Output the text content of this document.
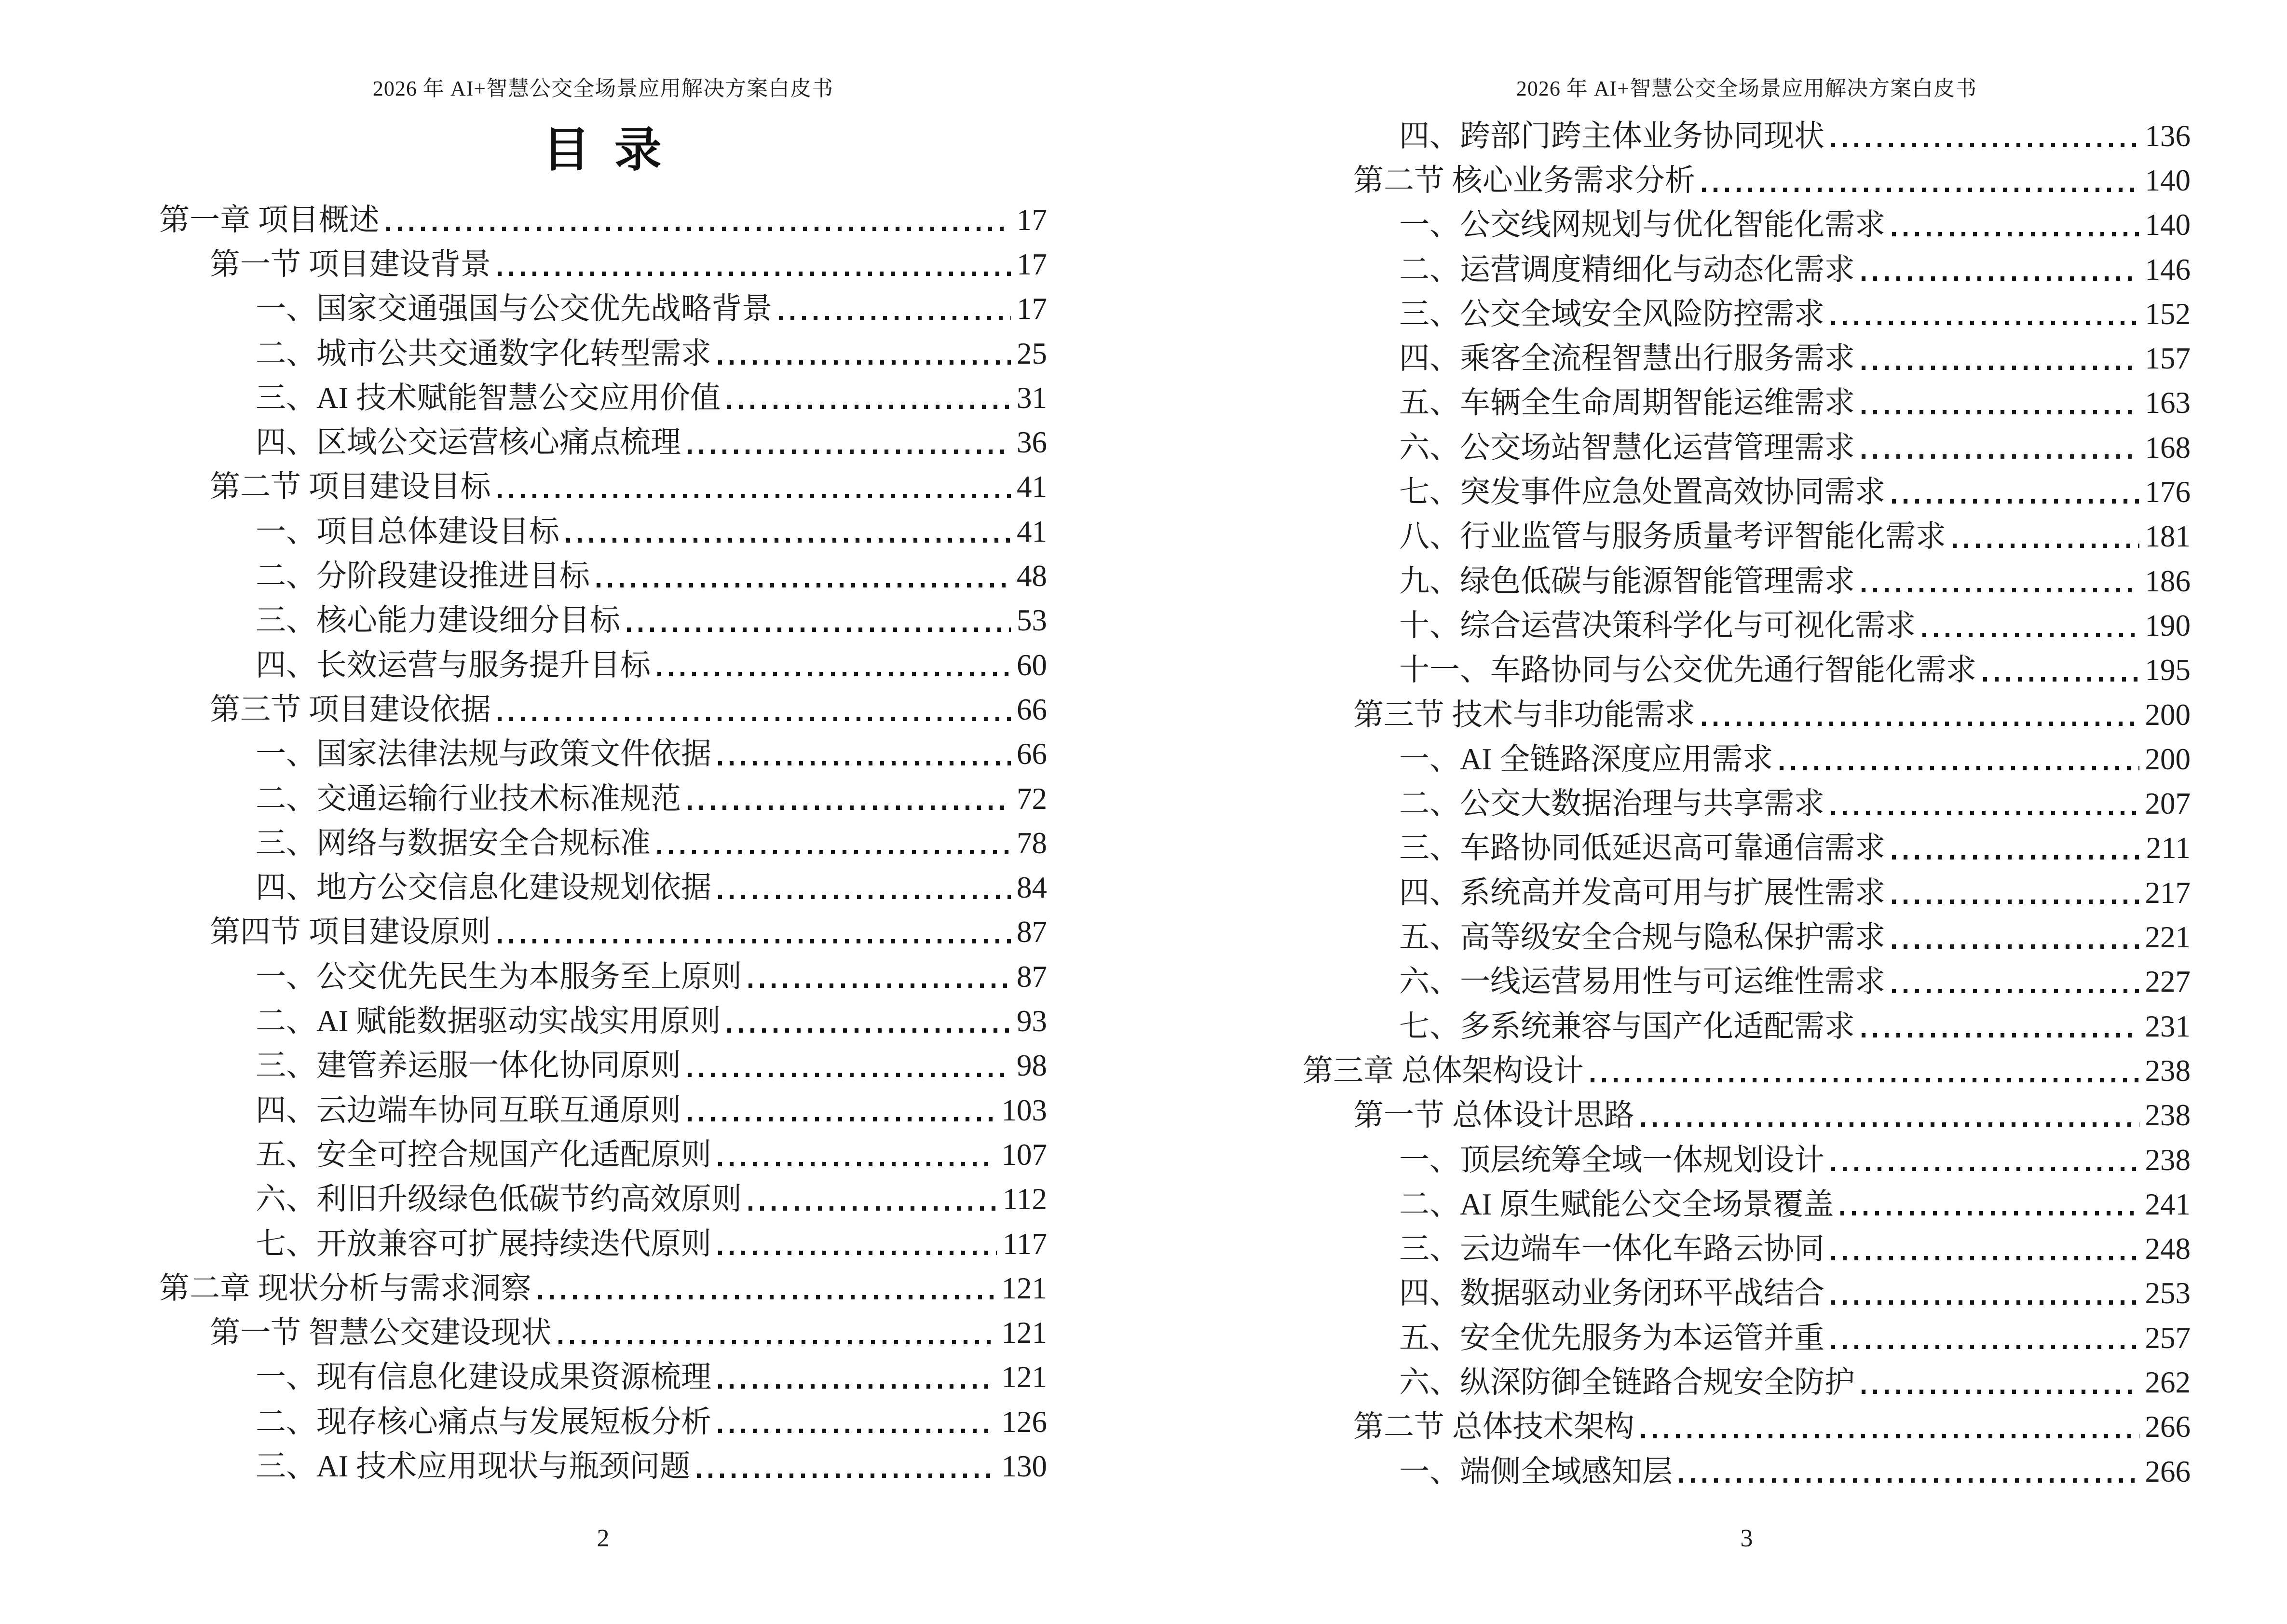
2026 年 AI+智慧公交全场景应用解决方案白皮书
目 录
第一章 项目概述	17
第一节 项目建设背景	17
一、国家交通强国与公交优先战略背景	17
二、城市公共交通数字化转型需求	25
三、AI 技术赋能智慧公交应用价值	31
四、区域公交运营核心痛点梳理	36
第二节 项目建设目标	41
一、项目总体建设目标	41
二、分阶段建设推进目标	48
三、核心能力建设细分目标	53
四、长效运营与服务提升目标	60
第三节 项目建设依据	66
一、国家法律法规与政策文件依据	66
二、交通运输行业技术标准规范	72
三、网络与数据安全合规标准	78
四、地方公交信息化建设规划依据	84
第四节 项目建设原则	87
一、公交优先民生为本服务至上原则	87
二、AI 赋能数据驱动实战实用原则	93
三、建管养运服一体化协同原则	98
四、云边端车协同互联互通原则	103
五、安全可控合规国产化适配原则	107
六、利旧升级绿色低碳节约高效原则	112
七、开放兼容可扩展持续迭代原则	117
第二章 现状分析与需求洞察	121
第一节 智慧公交建设现状	121
一、现有信息化建设成果资源梳理	121
二、现存核心痛点与发展短板分析	126
三、AI 技术应用现状与瓶颈问题	130
2
2026 年 AI+智慧公交全场景应用解决方案白皮书
四、跨部门跨主体业务协同现状	136
第二节 核心业务需求分析	140
一、公交线网规划与优化智能化需求	140
二、运营调度精细化与动态化需求	146
三、公交全域安全风险防控需求	152
四、乘客全流程智慧出行服务需求	157
五、车辆全生命周期智能运维需求	163
六、公交场站智慧化运营管理需求	168
七、突发事件应急处置高效协同需求	176
八、行业监管与服务质量考评智能化需求	181
九、绿色低碳与能源智能管理需求	186
十、综合运营决策科学化与可视化需求	190
十一、车路协同与公交优先通行智能化需求	195
第三节 技术与非功能需求	200
一、AI 全链路深度应用需求	200
二、公交大数据治理与共享需求	207
三、车路协同低延迟高可靠通信需求	211
四、系统高并发高可用与扩展性需求	217
五、高等级安全合规与隐私保护需求	221
六、一线运营易用性与可运维性需求	227
七、多系统兼容与国产化适配需求	231
第三章 总体架构设计	238
第一节 总体设计思路	238
一、顶层统筹全域一体规划设计	238
二、AI 原生赋能公交全场景覆盖	241
三、云边端车一体化车路云协同	248
四、数据驱动业务闭环平战结合	253
五、安全优先服务为本运管并重	257
六、纵深防御全链路合规安全防护	262
第二节 总体技术架构	266
一、端侧全域感知层	266
3
